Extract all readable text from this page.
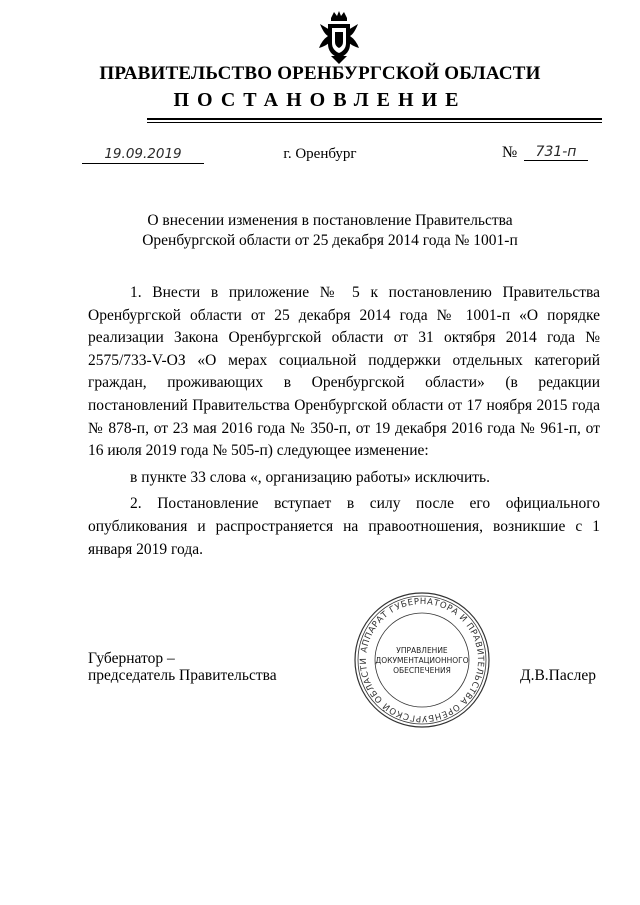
ПРАВИТЕЛЬСТВО ОРЕНБУРГСКОЙ ОБЛАСТИ
ПОСТАНОВЛЕНИЕ
19.09.2019	г. Оренбург	№	731-п
О внесении изменения в постановление Правительства
Оренбургской области от 25 декабря 2014 года № 1001-п

1. Внести в приложение № 5 к постановлению Правительства Оренбургской области от 25 декабря 2014 года № 1001-п «О порядке реализации Закона Оренбургской области от 31 октября 2014 года № 2575/733-V-ОЗ «О мерах социальной поддержки отдельных категорий граждан, проживающих в Оренбургской области» (в редакции постановлений Правительства Оренбургской области от 17 ноября 2015 года № 878-п, от 23 мая 2016 года № 350-п, от 19 декабря 2016 года № 961-п, от 16 июля 2019 года № 505-п) следующее изменение:

в пункте 33 слова «, организацию работы» исключить.

2. Постановление вступает в силу после его официального опубликования и распространяется на правоотношения, возникшие с 1 января 2019 года.

Губернатор –
председатель Правительства	Д.В.Паслер
АППАРАТ ГУБЕРНАТОРА И ПРАВИТЕЛЬСТВА ОРЕНБУРГСКОЙ ОБЛАСТИ
УПРАВЛЕНИЕ
ДОКУМЕНТАЦИОННОГО
ОБЕСПЕЧЕНИЯ
